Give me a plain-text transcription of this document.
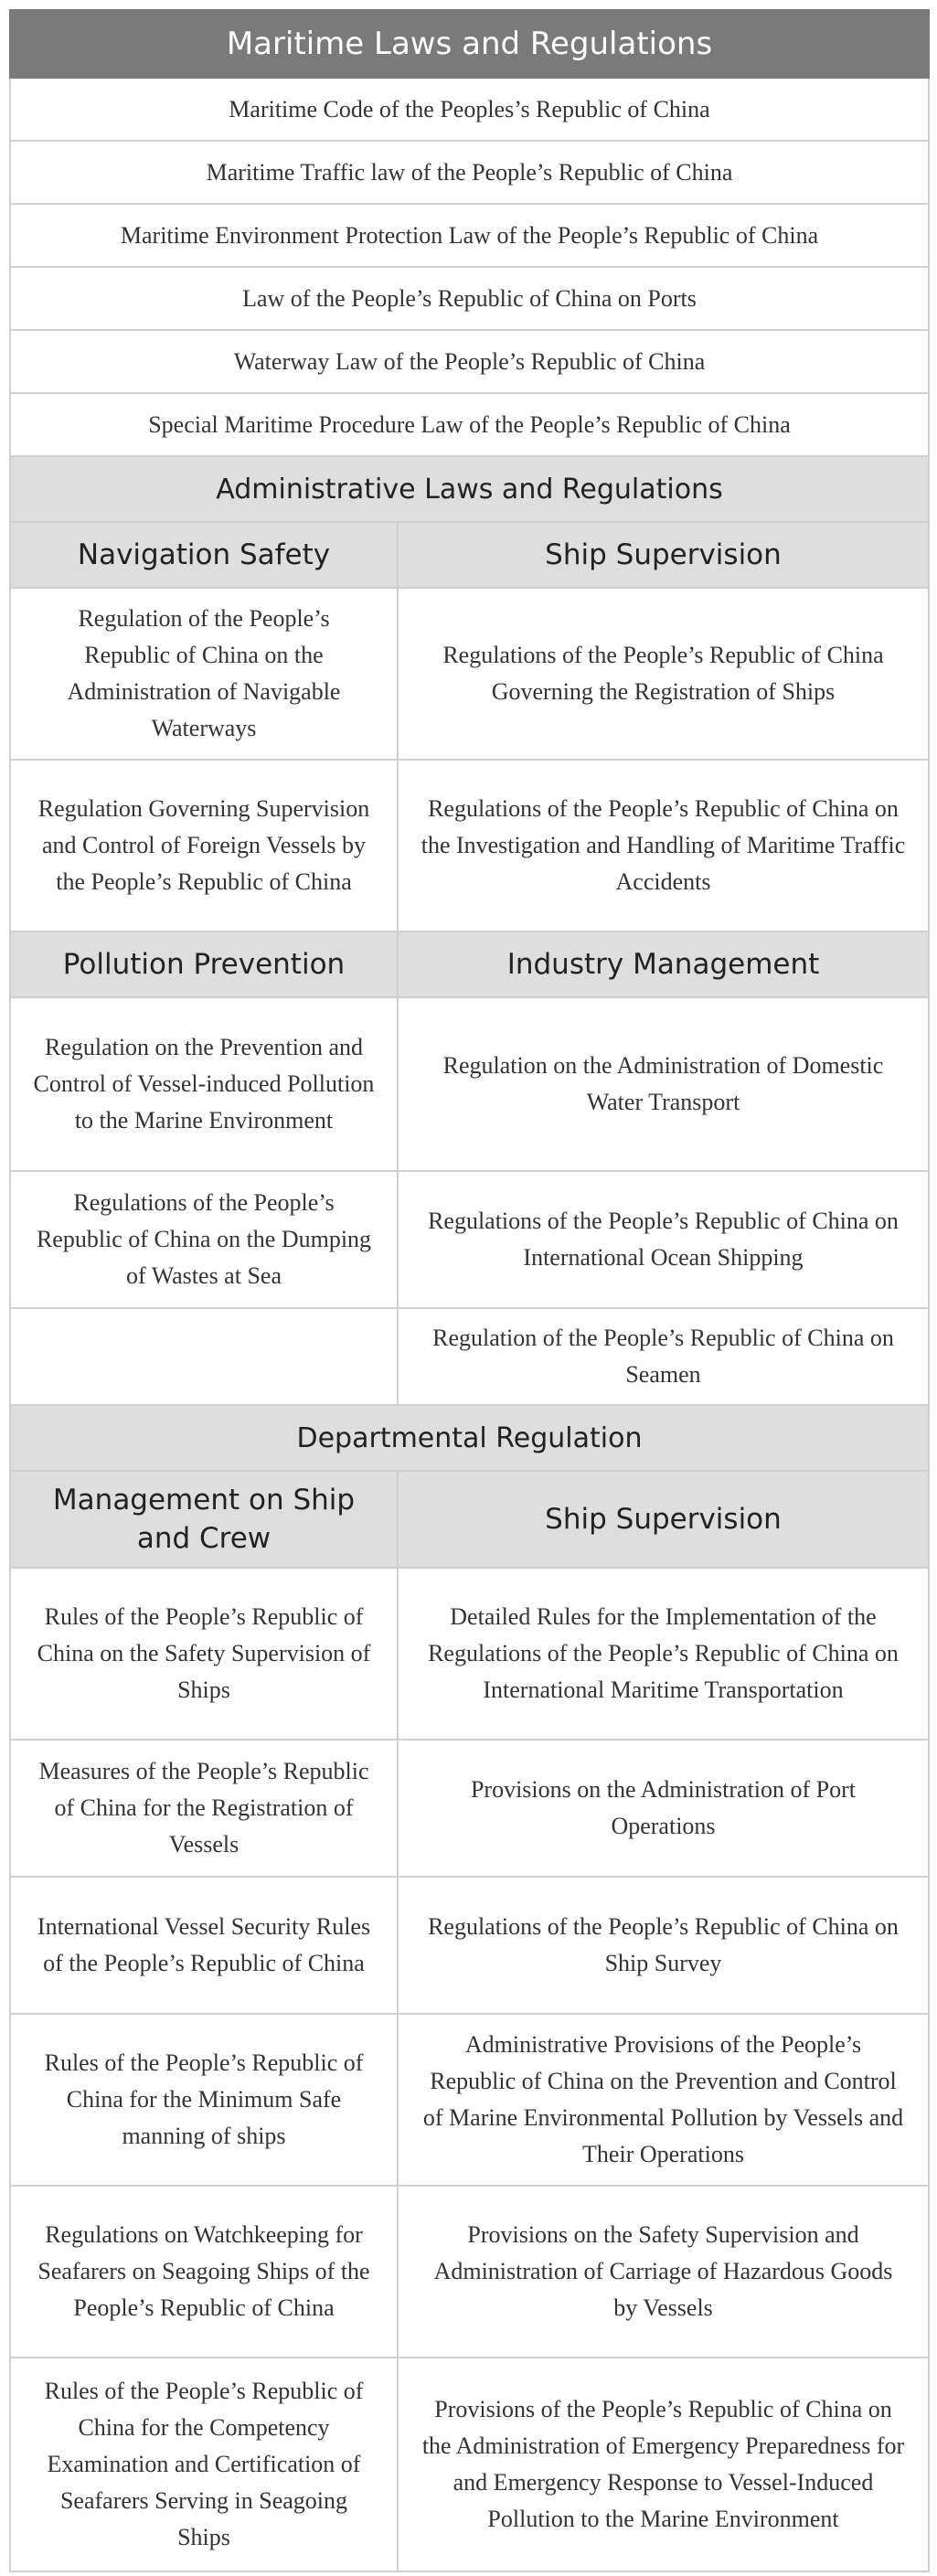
Maritime Laws and Regulations	
Maritime Code of the Peoples’s Republic of China	
Maritime Traffic law of the People’s Republic of China	
Maritime Environment Protection Law of the People’s Republic of China	
Law of the People’s Republic of China on Ports	
Waterway Law of the People’s Republic of China	
Special Maritime Procedure Law of the People’s Republic of China	
Administrative Laws and Regulations	
Navigation Safety	Ship Supervision
Regulation of the People’s Republic of China on the Administration of Navigable Waterways	Regulations of the People’s Republic of China Governing the Registration of Ships
Regulation Governing Supervision and Control of Foreign Vessels by the People’s Republic of China	Regulations of the People’s Republic of China on the Investigation and Handling of Maritime Traffic Accidents
Pollution Prevention	Industry Management
Regulation on the Prevention and Control of Vessel-induced Pollution to the Marine Environment	Regulation on the Administration of Domestic Water Transport
Regulations of the People’s Republic of China on the Dumping of Wastes at Sea	Regulations of the People’s Republic of China on International Ocean Shipping
	Regulation of the People’s Republic of China on Seamen
Departmental Regulation	
Management on Ship and Crew	Ship Supervision
Rules of the People’s Republic of China on the Safety Supervision of Ships	Detailed Rules for the Implementation of the Regulations of the People’s Republic of China on International Maritime Transportation
Measures of the People’s Republic of China for the Registration of Vessels	Provisions on the Administration of Port Operations
International Vessel Security Rules of the People’s Republic of China	Regulations of the People’s Republic of China on Ship Survey
Rules of the People’s Republic of China for the Minimum Safe manning of ships	Administrative Provisions of the People’s Republic of China on the Prevention and Control of Marine Environmental Pollution by Vessels and Their Operations
Regulations on Watchkeeping for Seafarers on Seagoing Ships of the People’s Republic of China	Provisions on the Safety Supervision and Administration of Carriage of Hazardous Goods by Vessels
Rules of the People’s Republic of China for the Competency Examination and Certification of Seafarers Serving in Seagoing Ships	Provisions of the People’s Republic of China on the Administration of Emergency Preparedness for and Emergency Response to Vessel-Induced Pollution to the Marine Environment
